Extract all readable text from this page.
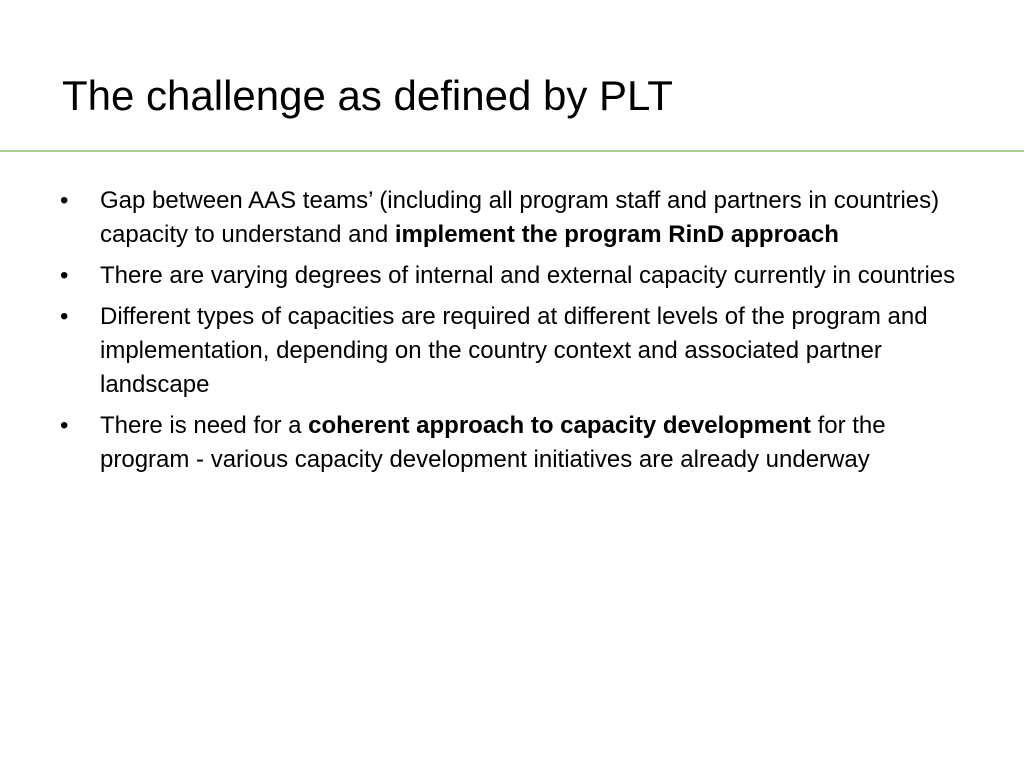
The challenge as defined by PLT
•	Gap between AAS teams’ (including all program staff and partners in countries) capacity to understand and implement the program RinD approach
•	There are varying degrees of internal and external capacity currently in countries
•	Different types of capacities are required at different levels of the program and implementation, depending on the country context and associated partner landscape
•	There is need for a coherent approach to capacity development for the program - various capacity development initiatives are already underway
